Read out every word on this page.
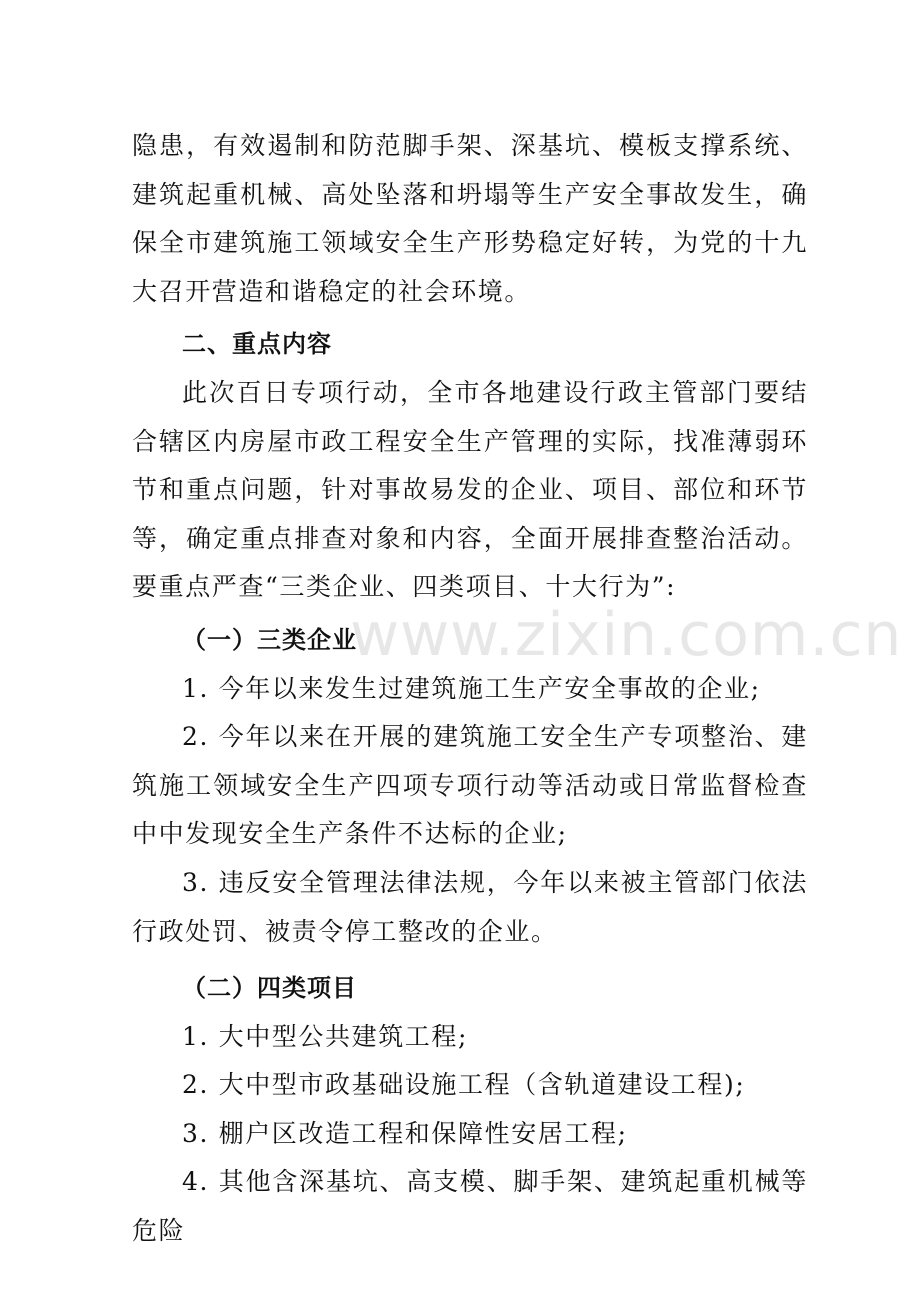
隐患，有效遏制和防范脚手架、深基坑、模板支撑系统、建筑起重机械、高处坠落和坍塌等生产安全事故发生，确保全市建筑施工领域安全生产形势稳定好转，为党的十九大召开营造和谐稳定的社会环境。

二、重点内容

此次百日专项行动，全市各地建设行政主管部门要结合辖区内房屋市政工程安全生产管理的实际，找准薄弱环节和重点问题，针对事故易发的企业、项目、部位和环节等，确定重点排查对象和内容，全面开展排查整治活动。要重点严查“三类企业、四类项目、十大行为”:

（一）三类企业

1. 今年以来发生过建筑施工生产安全事故的企业;

2. 今年以来在开展的建筑施工安全生产专项整治、建筑施工领域安全生产四项专项行动等活动或日常监督检查中中发现安全生产条件不达标的企业;

3. 违反安全管理法律法规，今年以来被主管部门依法行政处罚、被责令停工整改的企业。

（二）四类项目

1. 大中型公共建筑工程;

2. 大中型市政基础设施工程（含轨道建设工程);

3. 棚户区改造工程和保障性安居工程;

4. 其他含深基坑、高支模、脚手架、建筑起重机械等危险

www.zixin.com.cn
